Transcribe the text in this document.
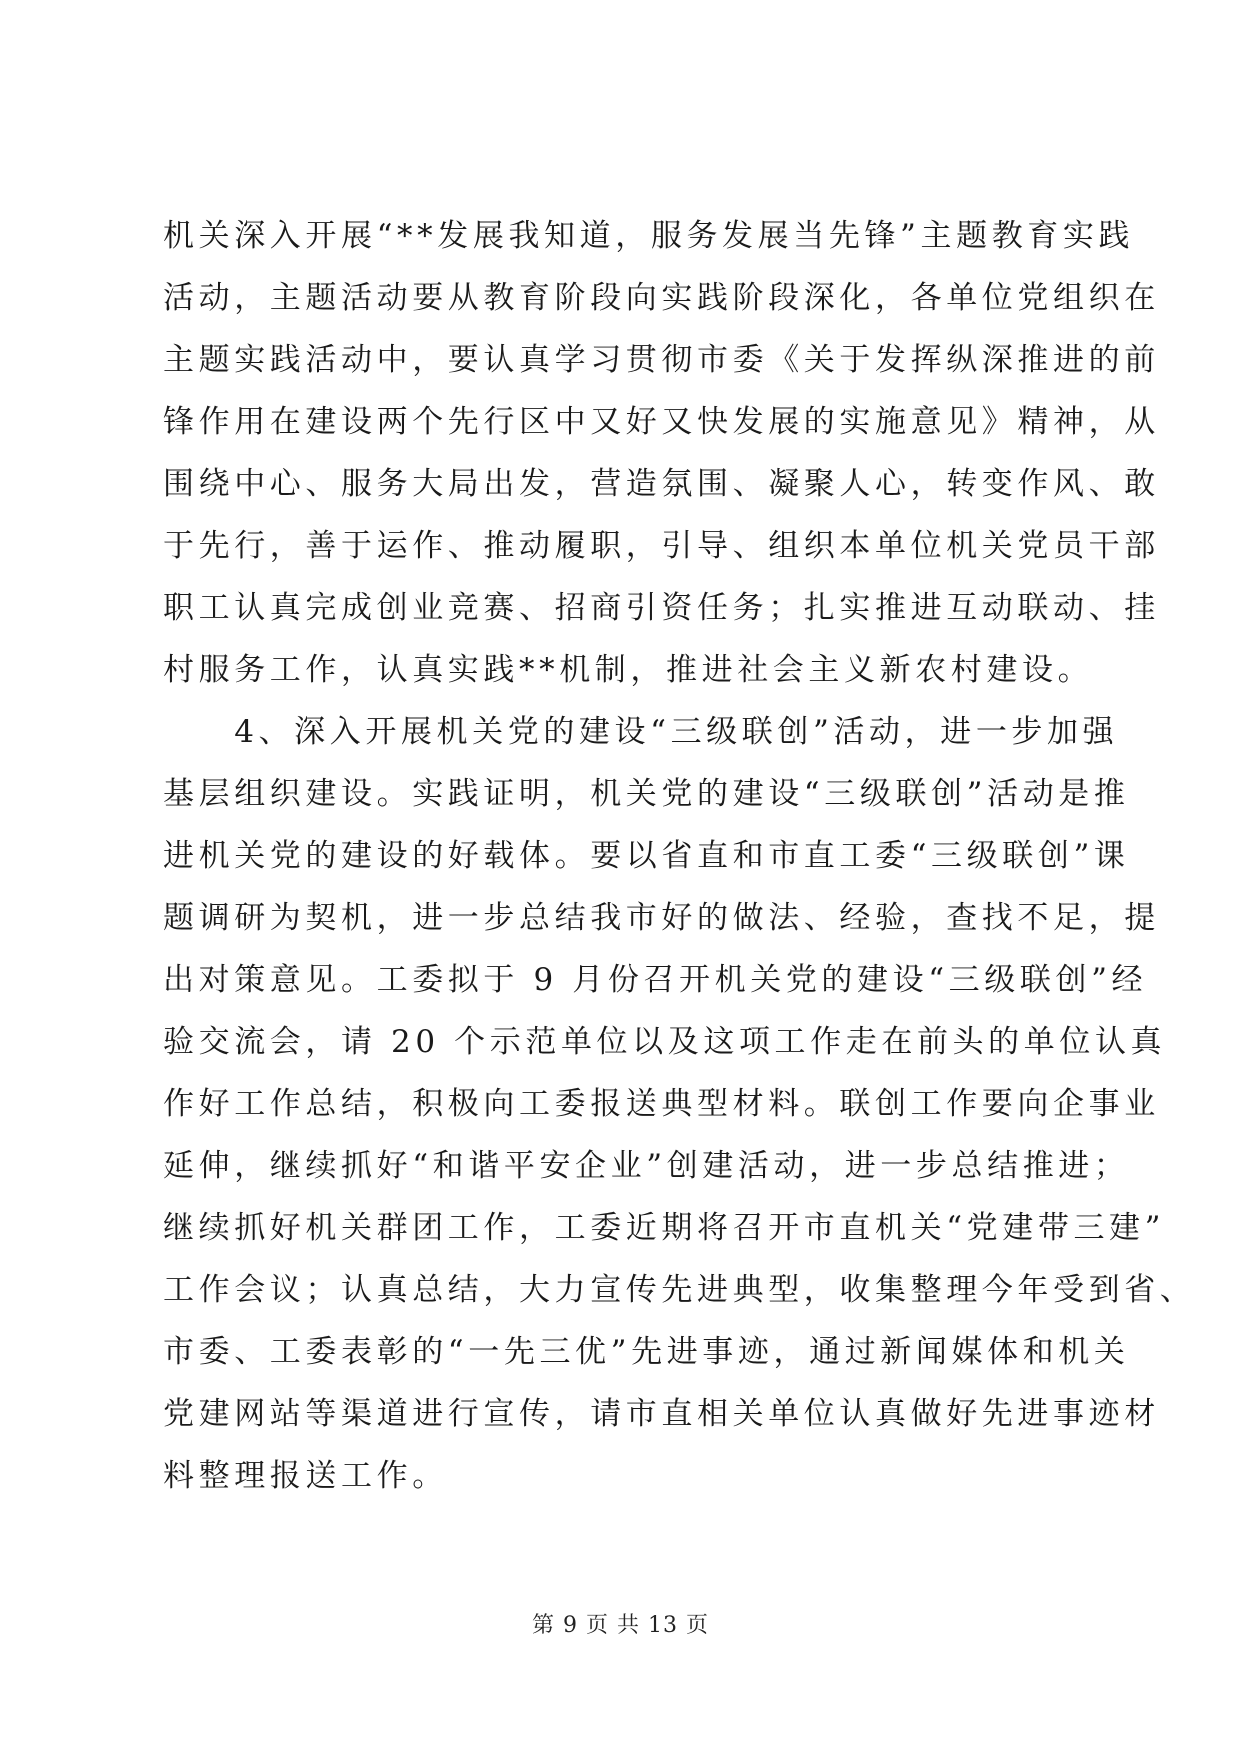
机关深入开展“**发展我知道，服务发展当先锋”主题教育实践
活动，主题活动要从教育阶段向实践阶段深化，各单位党组织在
主题实践活动中，要认真学习贯彻市委《关于发挥纵深推进的前
锋作用在建设两个先行区中又好又快发展的实施意见》精神，从
围绕中心、服务大局出发，营造氛围、凝聚人心，转变作风、敢
于先行，善于运作、推动履职，引导、组织本单位机关党员干部
职工认真完成创业竞赛、招商引资任务；扎实推进互动联动、挂
村服务工作，认真实践**机制，推进社会主义新农村建设。
　　4、深入开展机关党的建设“三级联创”活动，进一步加强
基层组织建设。实践证明，机关党的建设“三级联创”活动是推
进机关党的建设的好载体。要以省直和市直工委“三级联创”课
题调研为契机，进一步总结我市好的做法、经验，查找不足，提
出对策意见。工委拟于 9 月份召开机关党的建设“三级联创”经
验交流会，请 20 个示范单位以及这项工作走在前头的单位认真
作好工作总结，积极向工委报送典型材料。联创工作要向企事业
延伸，继续抓好“和谐平安企业”创建活动，进一步总结推进；
继续抓好机关群团工作，工委近期将召开市直机关“党建带三建”
工作会议；认真总结，大力宣传先进典型，收集整理今年受到省、
市委、工委表彰的“一先三优”先进事迹，通过新闻媒体和机关
党建网站等渠道进行宣传，请市直相关单位认真做好先进事迹材
料整理报送工作。
第 9 页 共 13 页
